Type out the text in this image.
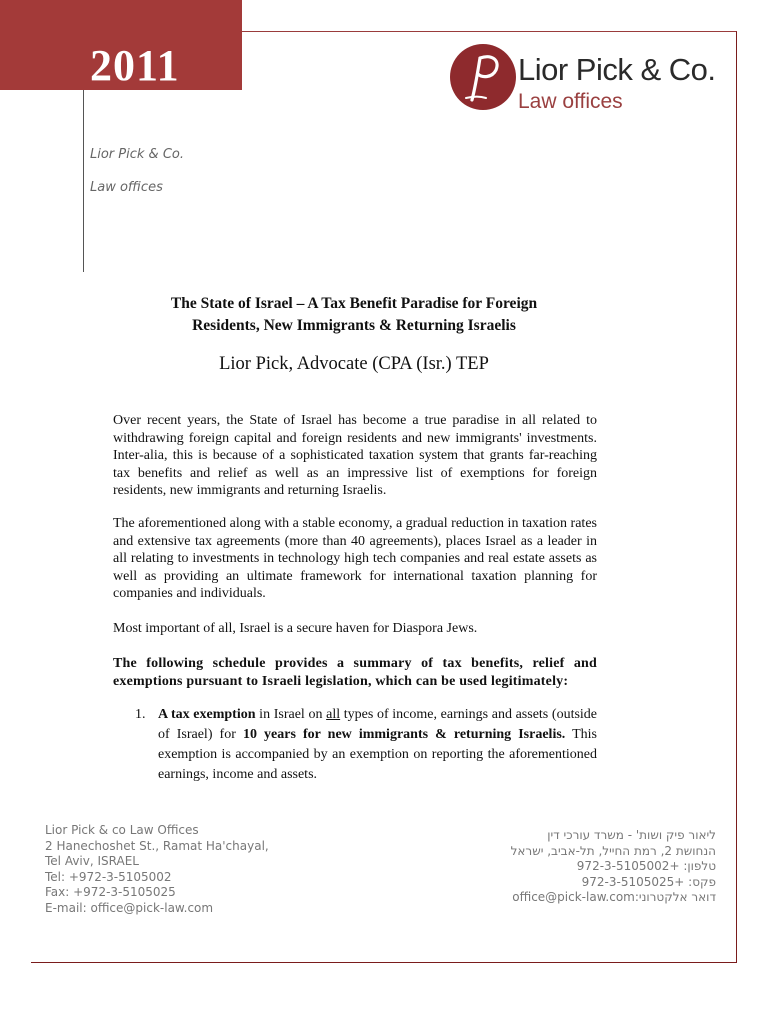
2011	Lior Pick & Co.
Law offices
Lior Pick & Co.
Law offices
The State of Israel – A Tax Benefit Paradise for Foreign
Residents, New Immigrants & Returning Israelis
Lior Pick, Advocate (CPA (Isr.) TEP

Over recent years, the State of Israel has become a true paradise in all related to withdrawing foreign capital and foreign residents and new immigrants' investments. Inter-alia, this is because of a sophisticated taxation system that grants far-reaching tax benefits and relief as well as an impressive list of exemptions for foreign residents, new immigrants and returning Israelis.

The aforementioned along with a stable economy, a gradual reduction in taxation rates and extensive tax agreements (more than 40 agreements), places Israel as a leader in all relating to investments in technology high tech companies and real estate assets as well as providing an ultimate framework for international taxation planning for companies and individuals.

Most important of all, Israel is a secure haven for Diaspora Jews.

The following schedule provides a summary of tax benefits, relief and exemptions pursuant to Israeli legislation, which can be used legitimately:

1. A tax exemption in Israel on all types of income, earnings and assets (outside of Israel) for 10 years for new immigrants & returning Israelis. This exemption is accompanied by an exemption on reporting the aforementioned earnings, income and assets.
Lior Pick & co Law Offices
2 Hanechoshet St., Ramat Ha'chayal,
Tel Aviv, ISRAEL
Tel: +972-3-5105002
Fax: +972-3-5105025
E-mail: office@pick-law.com
ליאור פיק ושות' - משרד עורכי דין
הנחושת 2, רמת החייל, תל-אביב, ישראל
טלפון: +972-3-5105002
פקס: +972-3-5105025
דואר אלקטרוני:office@pick-law.com
